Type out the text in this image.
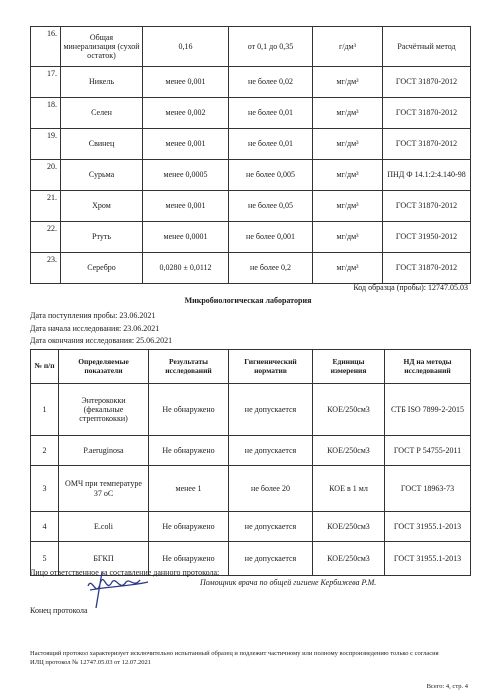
16.	Общая минерализация (сухой остаток)	0,16	от 0,1 до 0,35	г/дм³	Расчётный метод
17.	Никель	менее 0,001	не более 0,02	мг/дм³	ГОСТ 31870-2012
18.	Селен	менее 0,002	не более 0,01	мг/дм³	ГОСТ 31870-2012
19.	Свинец	менее 0,001	не более 0,01	мг/дм³	ГОСТ 31870-2012
20.	Сурьма	менее 0,0005	не более 0,005	мг/дм³	ПНД Ф 14.1:2:4.140-98
21.	Хром	менее 0,001	не более 0,05	мг/дм³	ГОСТ 31870-2012
22.	Ртуть	менее 0,0001	не более 0,001	мг/дм³	ГОСТ 31950-2012
23.	Серебро	0,0280 ± 0,0112	не более 0,2	мг/дм³	ГОСТ 31870-2012
Код образца (пробы): 12747.05.03
Микробиологическая лаборатория
Дата поступления пробы: 23.06.2021
Дата начала исследования: 23.06.2021
Дата окончания исследования: 25.06.2021
№ п/п	Определяемые показатели	Результаты исследований	Гигиенический норматив	Единицы измерения	НД на методы исследований
1	Энтерококки (фекальные стрептококки)	Не обнаружено	не допускается	КОЕ/250см3	СТБ ISO 7899-2-2015
2	P.aeruginosa	Не обнаружено	не допускается	КОЕ/250см3	ГОСТ Р 54755-2011
3	ОМЧ при температуре 37 оС	менее 1	не более 20	КОЕ в 1 мл	ГОСТ 18963-73
4	E.coli	Не обнаружено	не допускается	КОЕ/250см3	ГОСТ 31955.1-2013
5	БГКП	Не обнаружено	не допускается	КОЕ/250см3	ГОСТ 31955.1-2013
Лицо ответственное за составление данного протокола:
Помощник врача по общей гигиене Кербижева Р.М.
Конец протокола
Настоящий протокол характеризует исключительно испытанный образец и подлежит частичному или полному воспроизведению только с согласия ИЛЦ протокол № 12747.05.03 от 12.07.2021
Всего: 4, стр. 4
